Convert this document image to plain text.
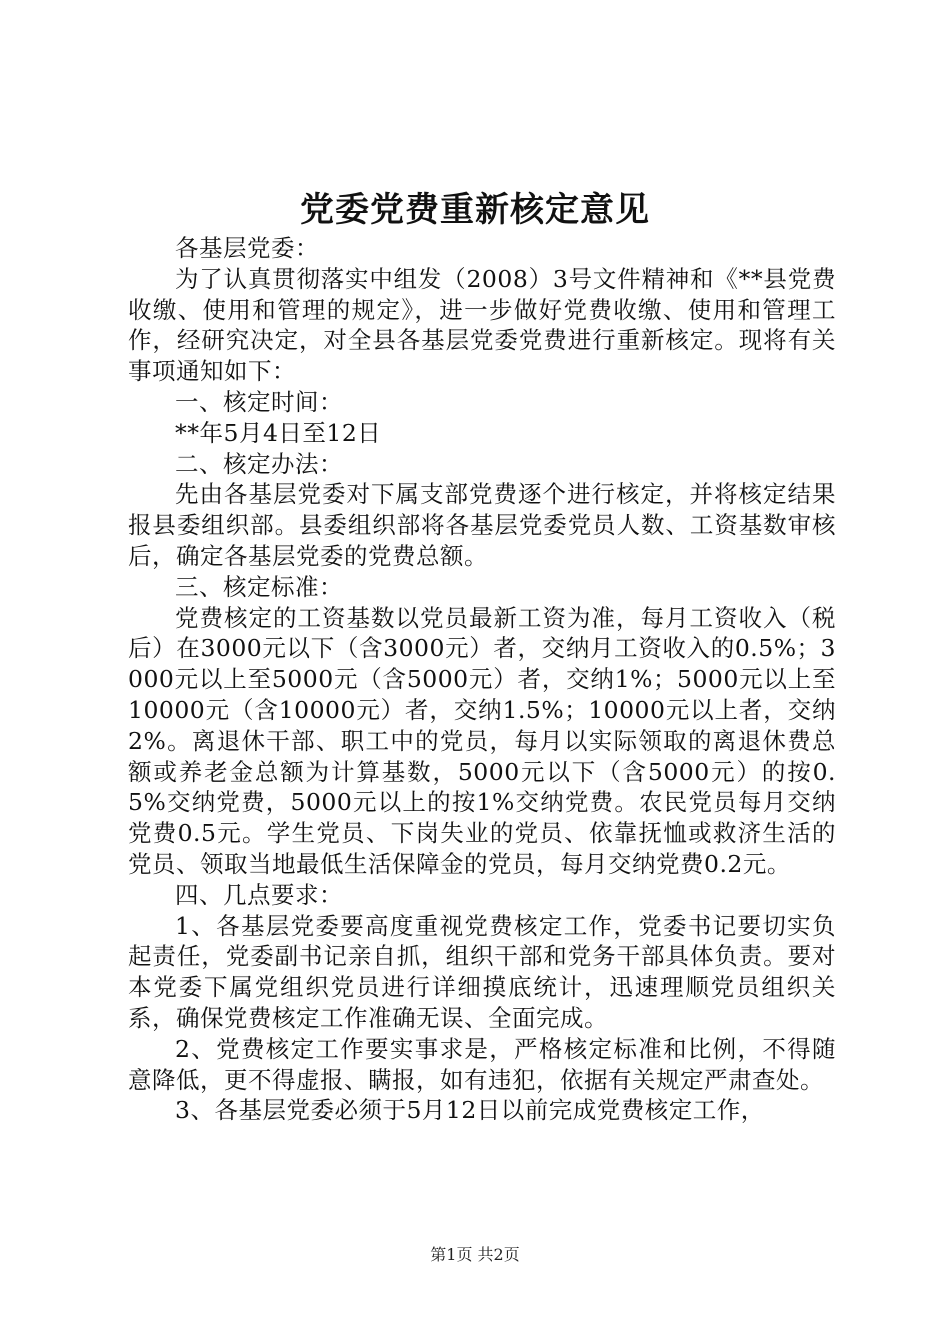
党委党费重新核定意见

各基层党委：

为了认真贯彻落实中组发（2008）3号文件精神和《**县党费收缴、使用和管理的规定》，进一步做好党费收缴、使用和管理工作，经研究决定，对全县各基层党委党费进行重新核定。现将有关事项通知如下：

一、核定时间：

**年5月4日至12日

二、核定办法：

先由各基层党委对下属支部党费逐个进行核定，并将核定结果报县委组织部。县委组织部将各基层党委党员人数、工资基数审核后，确定各基层党委的党费总额。

三、核定标准：

党费核定的工资基数以党员最新工资为准，每月工资收入（税后）在3000元以下（含3000元）者，交纳月工资收入的0.5%；3000元以上至5000元（含5000元）者，交纳1%；5000元以上至10000元（含10000元）者，交纳1.5%；10000元以上者，交纳2%。离退休干部、职工中的党员，每月以实际领取的离退休费总额或养老金总额为计算基数，5000元以下（含5000元）的按0.5%交纳党费，5000元以上的按1%交纳党费。农民党员每月交纳党费0.5元。学生党员、下岗失业的党员、依靠抚恤或救济生活的党员、领取当地最低生活保障金的党员，每月交纳党费0.2元。

四、几点要求：

1、各基层党委要高度重视党费核定工作，党委书记要切实负起责任，党委副书记亲自抓，组织干部和党务干部具体负责。要对本党委下属党组织党员进行详细摸底统计，迅速理顺党员组织关系，确保党费核定工作准确无误、全面完成。

2、党费核定工作要实事求是，严格核定标准和比例，不得随意降低，更不得虚报、瞒报，如有违犯，依据有关规定严肃查处。

3、各基层党委必须于5月12日以前完成党费核定工作，

第1页 共2页
